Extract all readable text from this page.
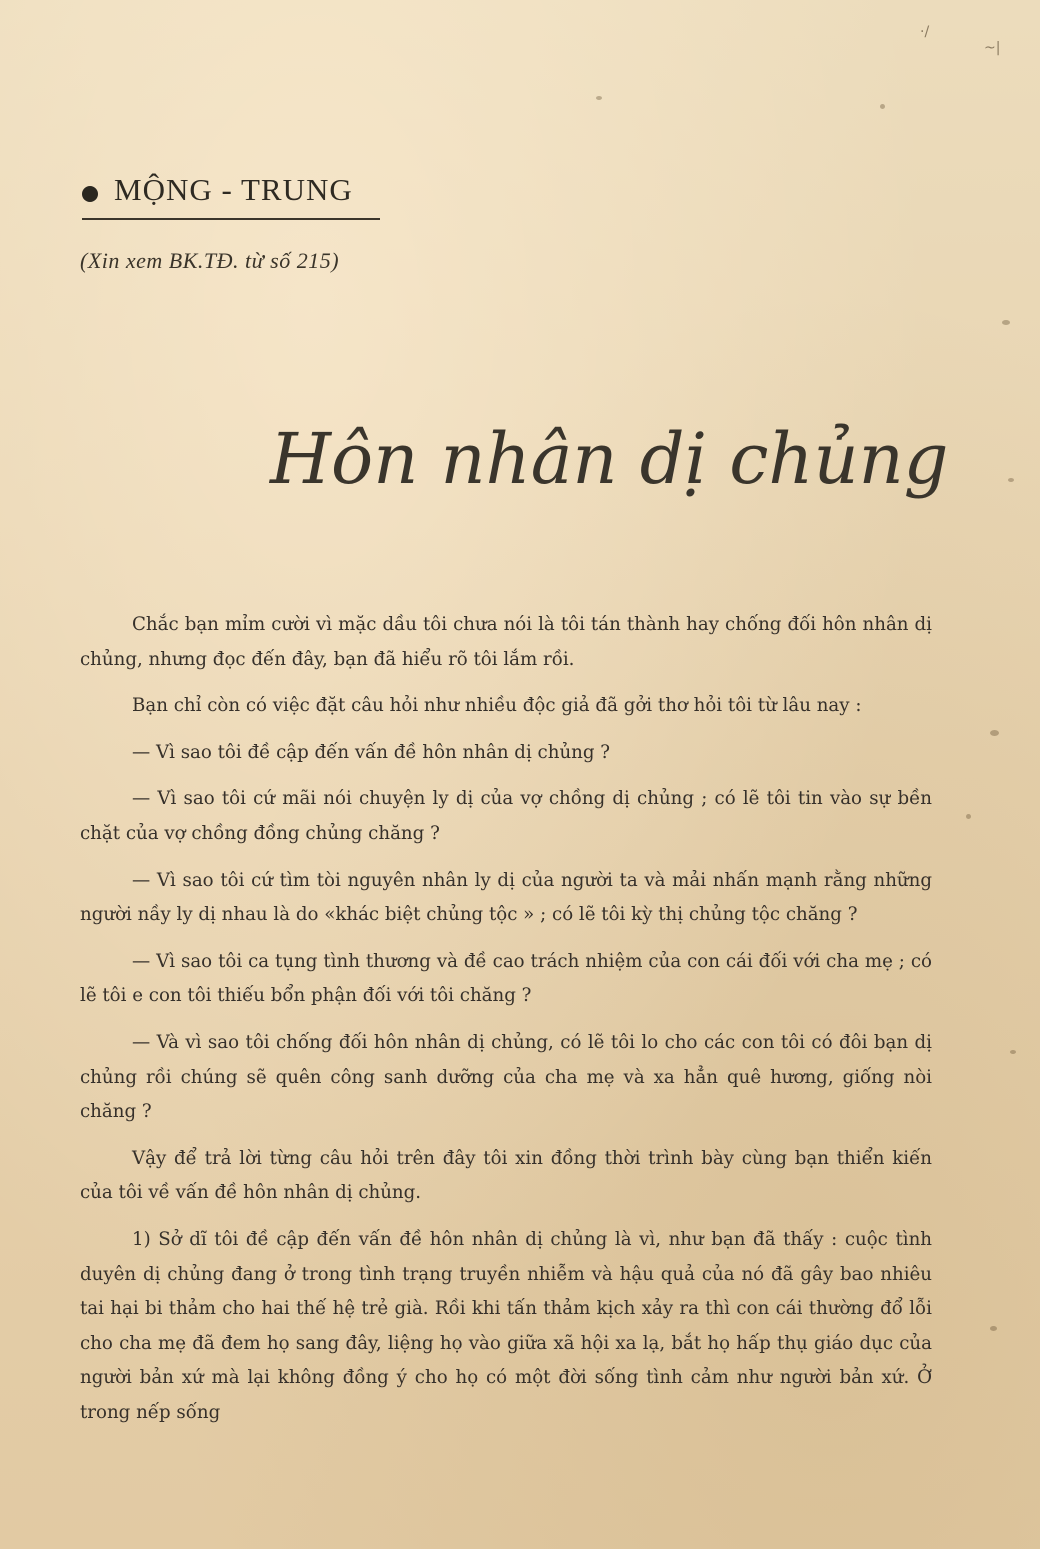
·/
~|
MỘNG - TRUNG
(Xin xem BK.TĐ. từ số 215)
Hôn nhân dị chủng

Chắc bạn mỉm cười vì mặc dầu tôi chưa nói là tôi tán thành hay chống đối hôn nhân dị chủng, nhưng đọc đến đây, bạn đã hiểu rõ tôi lắm rồi.

Bạn chỉ còn có việc đặt câu hỏi như nhiều độc giả đã gởi thơ hỏi tôi từ lâu nay :

— Vì sao tôi đề cập đến vấn đề hôn nhân dị chủng ?

— Vì sao tôi cứ mãi nói chuyện ly dị của vợ chồng dị chủng ; có lẽ tôi tin vào sự bền chặt của vợ chồng đồng chủng chăng ?

— Vì sao tôi cứ tìm tòi nguyên nhân ly dị của người ta và mải nhấn mạnh rằng những người nầy ly dị nhau là do «khác biệt chủng tộc » ; có lẽ tôi kỳ thị chủng tộc chăng ?

— Vì sao tôi ca tụng tình thương và đề cao trách nhiệm của con cái đối với cha mẹ ; có lẽ tôi e con tôi thiếu bổn phận đối với tôi chăng ?

— Và vì sao tôi chống đối hôn nhân dị chủng, có lẽ tôi lo cho các con tôi có đôi bạn dị chủng rồi chúng sẽ quên công sanh dưỡng của cha mẹ và xa hẳn quê hương, giống nòi chăng ?

Vậy để trả lời từng câu hỏi trên đây tôi xin đồng thời trình bày cùng bạn thiển kiến của tôi về vấn đề hôn nhân dị chủng.

1) Sở dĩ tôi đề cập đến vấn đề hôn nhân dị chủng là vì, như bạn đã thấy : cuộc tình duyên dị chủng đang ở trong tình trạng truyền nhiễm và hậu quả của nó đã gây bao nhiêu tai hại bi thảm cho hai thế hệ trẻ già. Rồi khi tấn thảm kịch xảy ra thì con cái thường đổ lỗi cho cha mẹ đã đem họ sang đây, liệng họ vào giữa xã hội xa lạ, bắt họ hấp thụ giáo dục của người bản xứ mà lại không đồng ý cho họ có một đời sống tình cảm như người bản xứ. Ở trong nếp sống
